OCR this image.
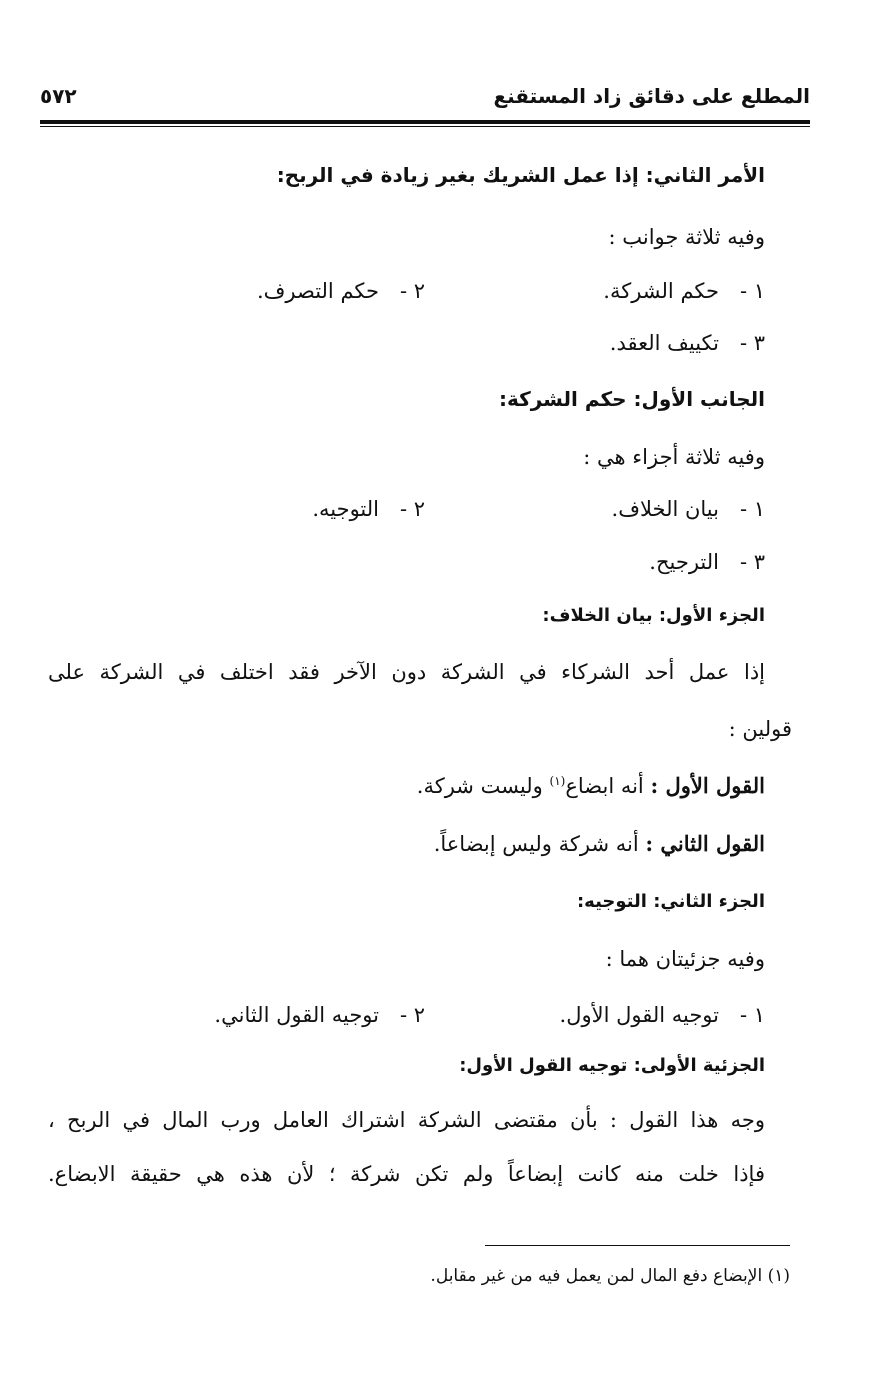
المطلع على دقائق زاد المستقنع
٥٧٢
الأمر الثاني: إذا عمل الشريك بغير زيادة في الربح:
وفيه ثلاثة جوانب :
١ -حكم الشركة.
٢ -حكم التصرف.
٣ -تكييف العقد.
الجانب الأول: حكم الشركة:
وفيه ثلاثة أجزاء هي :
١ -بيان الخلاف.
٢ -التوجيه.
٣ -الترجيح.
الجزء الأول: بيان الخلاف:
إذا عمل أحد الشركاء في الشركة دون الآخر فقد اختلف في الشركة على
قولين :
القول الأول : أنه ابضاع$^{(١)}$ وليست شركة.
القول الثاني : أنه شركة وليس إبضاعاً.
الجزء الثاني: التوجيه:
وفيه جزئيتان هما :
١ -توجيه القول الأول.
٢ -توجيه القول الثاني.
الجزئية الأولى: توجيه القول الأول:
وجه هذا القول : بأن مقتضى الشركة اشتراك العامل ورب المال في الربح ،
فإذا خلت منه كانت إبضاعاً ولم تكن شركة ؛ لأن هذه هي حقيقة الابضاع.
(١) الإبضاع دفع المال لمن يعمل فيه من غير مقابل.
